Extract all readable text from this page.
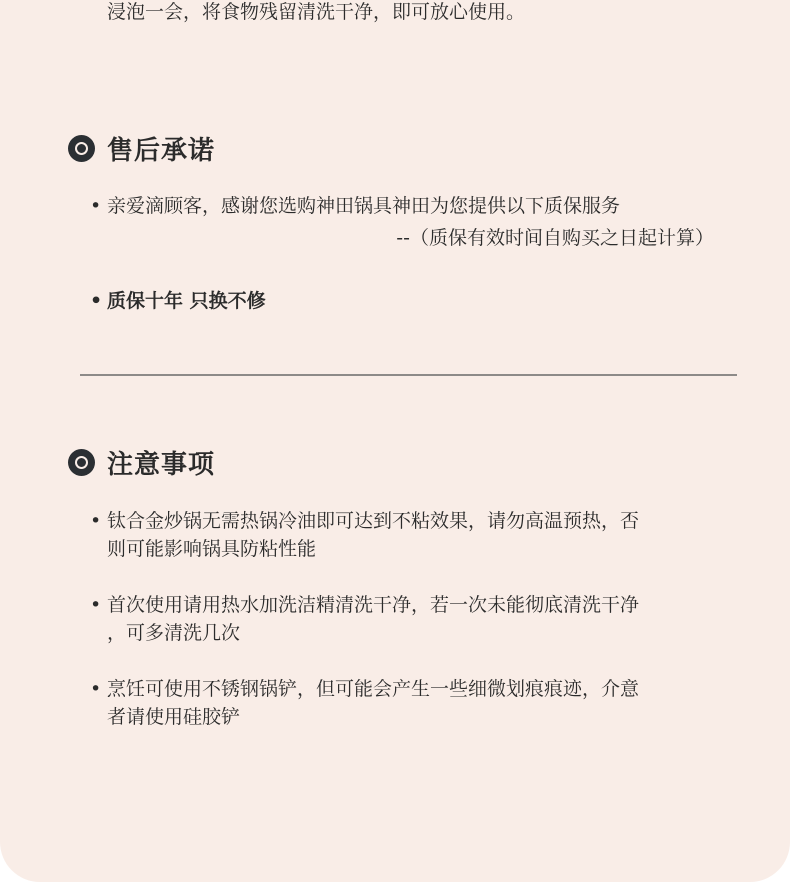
浸泡一会，将食物残留清洗干净，即可放心使用。

售后承诺
• 亲爱滴顾客，感谢您选购神田锅具神田为您提供以下质保服务
--（质保有效时间自购买之日起计算）
• 质保十年 只换不修
注意事项
• 钛合金炒锅无需热锅冷油即可达到不粘效果，请勿高温预热，否
则可能影响锅具防粘性能
• 首次使用请用热水加洗洁精清洗干净，若一次未能彻底清洗干净
，可多清洗几次
• 烹饪可使用不锈钢锅铲，但可能会产生一些细微划痕痕迹，介意
者请使用硅胶铲
